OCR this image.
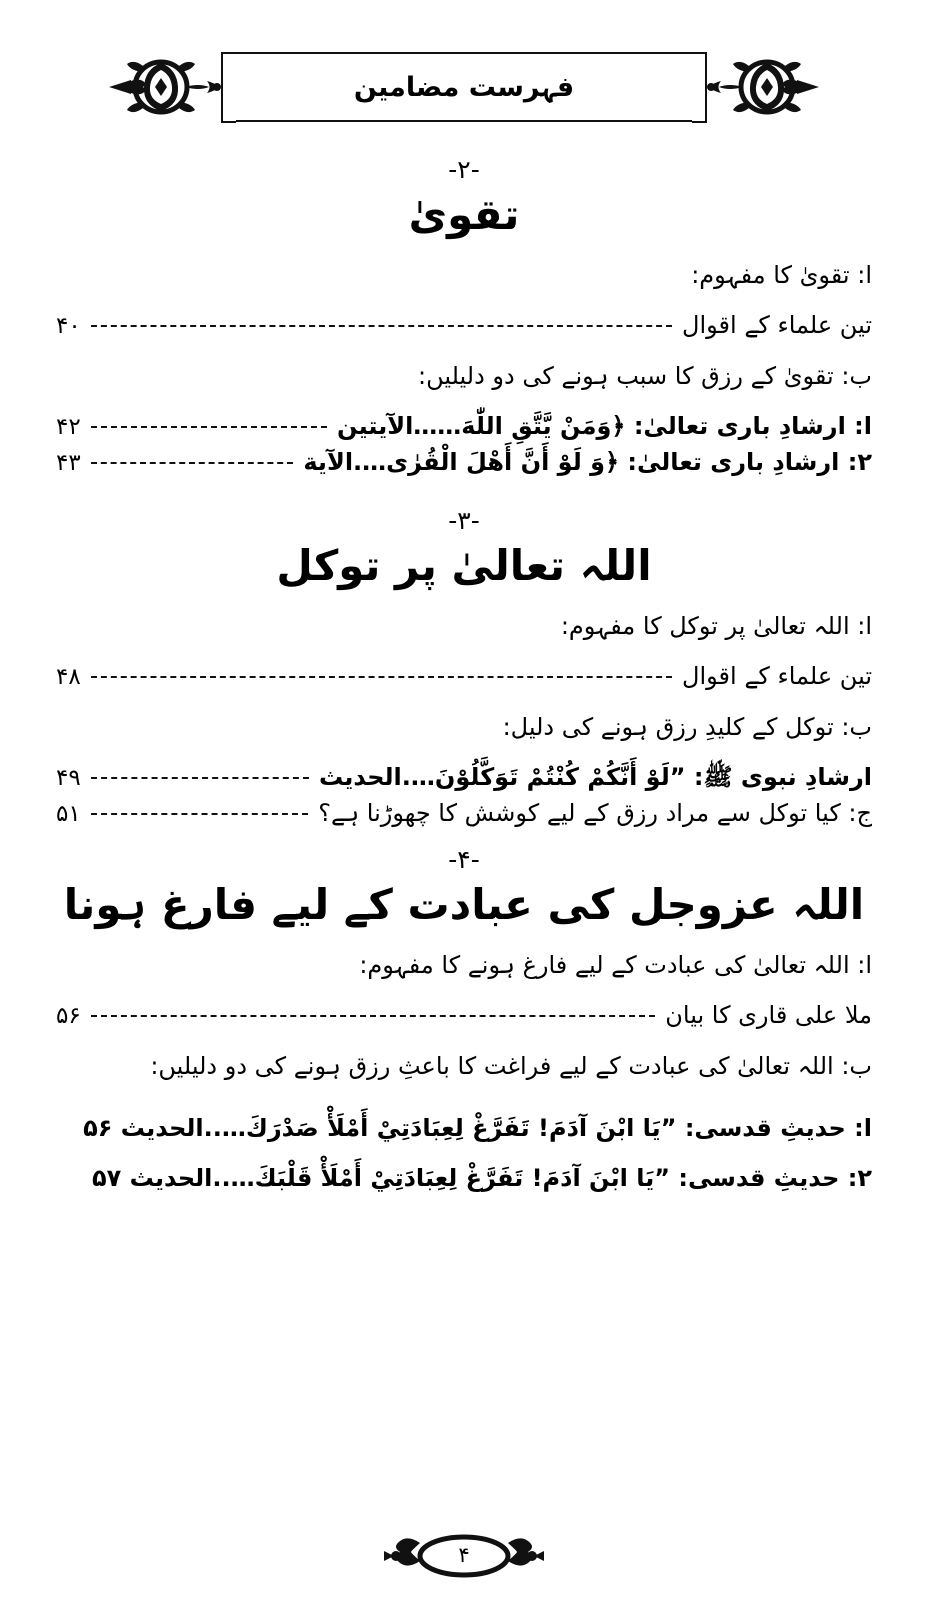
فہرست مضامین
-۲-
تقویٰ
ا: تقویٰ کا مفہوم:
تین علماء کے اقوال
۴۰
ب: تقویٰ کے رزق کا سبب ہونے کی دو دلیلیں:
ا: ارشادِ باری تعالیٰ: ﴿وَمَنْ يَّتَّقِ اللّٰهَ……الآیتین
۴۲
۲: ارشادِ باری تعالیٰ: ﴿وَ لَوْ أَنَّ أَهْلَ الْقُرٰى….الآیة
۴۳
-۳-
اللہ تعالیٰ پر توکل
ا: اللہ تعالیٰ پر توکل کا مفہوم:
تین علماء کے اقوال
۴۸
ب: توکل کے کلیدِ رزق ہونے کی دلیل:
ارشادِ نبوی ﷺ: ”لَوْ أَنَّكُمْ كُنْتُمْ تَوَكَّلُوْنَ….الحدیث
۴۹
ج: کیا توکل سے مراد رزق کے لیے کوشش کا چھوڑنا ہے؟
۵۱
-۴-
اللہ عزوجل کی عبادت کے لیے فارغ ہونا
ا: اللہ تعالیٰ کی عبادت کے لیے فارغ ہونے کا مفہوم:
ملا علی قاری کا بیان
۵۶
ب: اللہ تعالیٰ کی عبادت کے لیے فراغت کا باعثِ رزق ہونے کی دو دلیلیں:
ا: حدیثِ قدسی: ”یَا ابْنَ آدَمَ! تَفَرَّغْ لِعِبَادَتِيْ أَمْلَأْ صَدْرَكَ…..الحدیث ۵۶
۲: حدیثِ قدسی: ”یَا ابْنَ آدَمَ! تَفَرَّغْ لِعِبَادَتِيْ أَمْلَأْ قَلْبَكَ…..الحدیث ۵۷
۴
